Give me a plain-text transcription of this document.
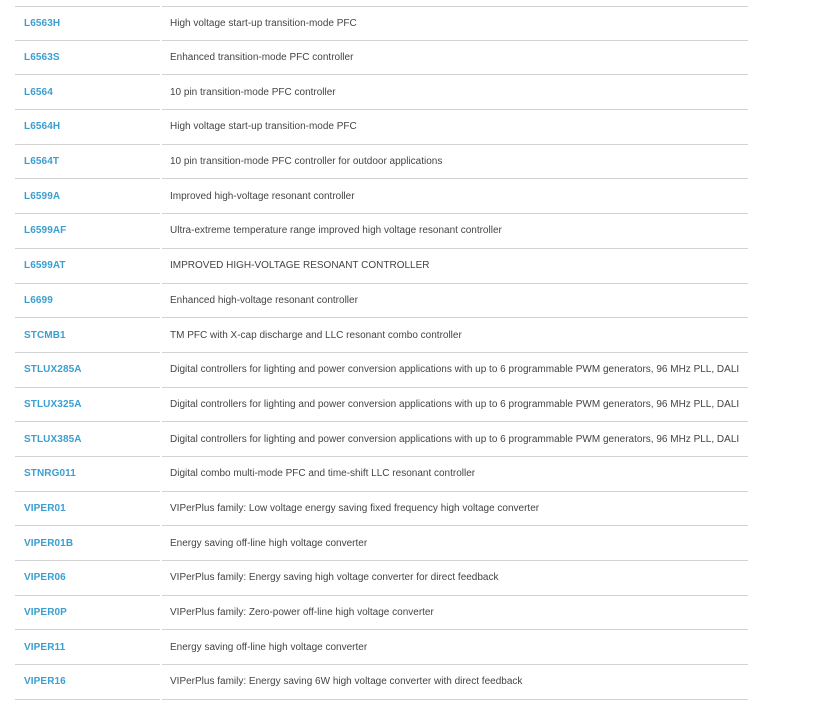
L6563H	High voltage start-up transition-mode PFC
L6563S	Enhanced transition-mode PFC controller
L6564	10 pin transition-mode PFC controller
L6564H	High voltage start-up transition-mode PFC
L6564T	10 pin transition-mode PFC controller for outdoor applications
L6599A	Improved high-voltage resonant controller
L6599AF	Ultra-extreme temperature range improved high voltage resonant controller
L6599AT	IMPROVED HIGH-VOLTAGE RESONANT CONTROLLER
L6699	Enhanced high-voltage resonant controller
STCMB1	TM PFC with X-cap discharge and LLC resonant combo controller
STLUX285A	Digital controllers for lighting and power conversion applications with up to 6 programmable PWM generators, 96 MHz PLL, DALI
STLUX325A	Digital controllers for lighting and power conversion applications with up to 6 programmable PWM generators, 96 MHz PLL, DALI
STLUX385A	Digital controllers for lighting and power conversion applications with up to 6 programmable PWM generators, 96 MHz PLL, DALI
STNRG011	Digital combo multi-mode PFC and time-shift LLC resonant controller
VIPER01	VIPerPlus family: Low voltage energy saving fixed frequency high voltage converter
VIPER01B	Energy saving off-line high voltage converter
VIPER06	VIPerPlus family: Energy saving high voltage converter for direct feedback
VIPER0P	VIPerPlus family: Zero-power off-line high voltage converter
VIPER11	Energy saving off-line high voltage converter
VIPER16	VIPerPlus family: Energy saving 6W high voltage converter with direct feedback
